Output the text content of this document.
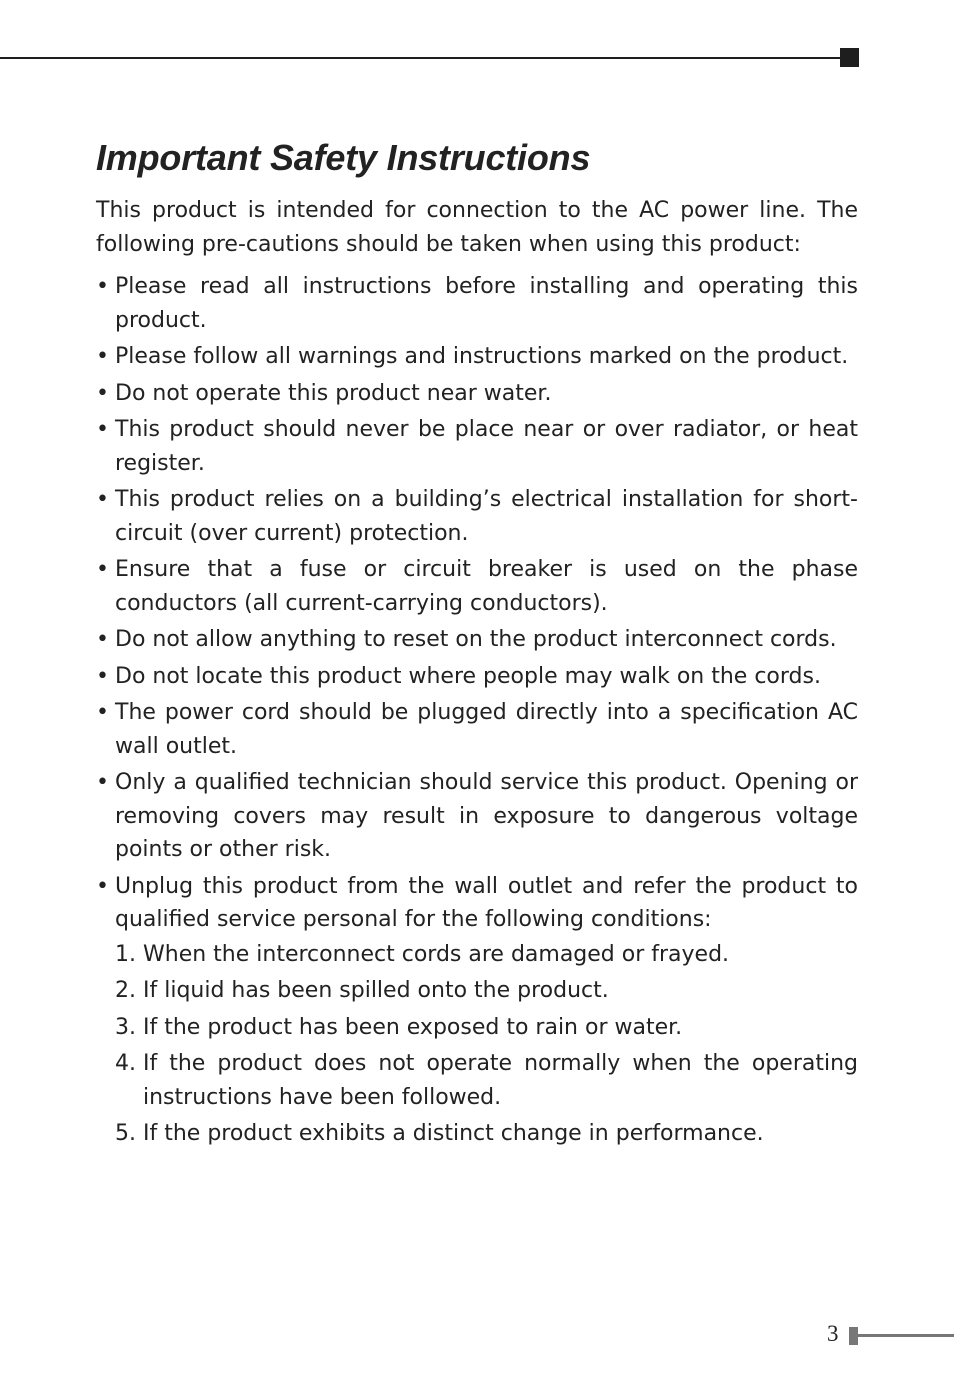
Important Safety Instructions

This product is intended for connection to the AC power line. The following pre-cautions should be taken when using this product:

• Please read all instructions before installing and operating this product.
• Please follow all warnings and instructions marked on the product.
• Do not operate this product near water.
• This product should never be place near or over radiator, or heat register.
• This product relies on a building’s electrical installation for short-circuit (over current) protection.
• Ensure that a fuse or circuit breaker is used on the phase conductors (all current-carrying conductors).
• Do not allow anything to reset on the product interconnect cords.
• Do not locate this product where people may walk on the cords.
• The power cord should be plugged directly into a specification AC wall outlet.
• Only a qualified technician should service this product. Opening or removing covers may result in exposure to dangerous voltage points or other risk.
• Unplug this product from the wall outlet and refer the product to qualified service personal for the following conditions:
1. When the interconnect cords are damaged or frayed.
2. If liquid has been spilled onto the product.
3. If the product has been exposed to rain or water.
4. If the product does not operate normally when the operating instructions have been followed.
5. If the product exhibits a distinct change in performance.
3
